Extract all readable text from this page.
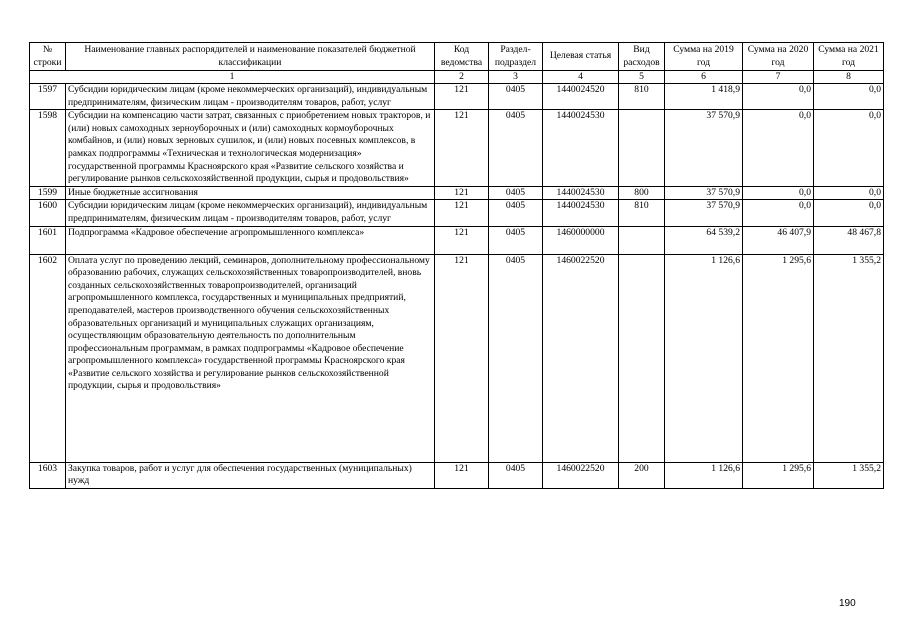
№ строки	Наименование главных распорядителей и наименование показателей бюджетной классификации	Код ведомства	Раздел-подраздел	Целевая статья	Вид расходов	Сумма на 2019 год	Сумма на 2020 год	Сумма на 2021 год
1		2	3	4	5	6	7	8
1597	Субсидии юридическим лицам (кроме некоммерческих организаций), индивидуальным предпринимателям, физическим лицам - производителям товаров, работ, услуг	121	0405	1440024520	810	1 418,9	0,0	0,0
1598	Субсидии на компенсацию части затрат, связанных с приобретением новых тракторов, и (или) новых самоходных зерноуборочных и (или) самоходных кормоуборочных комбайнов, и (или) новых зерновых сушилок, и (или) новых посевных комплексов, в рамках подпрограммы «Техническая и технологическая модернизация» государственной программы Красноярского края «Развитие сельского хозяйства и регулирование рынков сельскохозяйственной продукции, сырья и продовольствия»	121	0405	1440024530		37 570,9	0,0	0,0
1599	Иные бюджетные ассигнования	121	0405	1440024530	800	37 570,9	0,0	0,0
1600	Субсидии юридическим лицам (кроме некоммерческих организаций), индивидуальным предпринимателям, физическим лицам - производителям товаров, работ, услуг	121	0405	1440024530	810	37 570,9	0,0	0,0
1601	Подпрограмма «Кадровое обеспечение агропромышленного комплекса»	121	0405	1460000000		64 539,2	46 407,9	48 467,8
1602	Оплата услуг по проведению лекций, семинаров, дополнительному профессиональному образованию рабочих, служащих сельскохозяйственных товаропроизводителей, вновь созданных сельскохозяйственных товаропроизводителей, организаций агропромышленного комплекса, государственных и муниципальных предприятий, преподавателей, мастеров производственного обучения сельскохозяйственных образовательных организаций и муниципальных служащих организациям, осуществляющим образовательную деятельность по дополнительным профессиональным программам, в рамках подпрограммы «Кадровое обеспечение агропромышленного комплекса» государственной программы Красноярского края «Развитие сельского хозяйства и регулирование рынков сельскохозяйственной продукции, сырья и продовольствия»	121	0405	1460022520		1 126,6	1 295,6	1 355,2
1603	Закупка товаров, работ и услуг для обеспечения государственных (муниципальных) нужд	121	0405	1460022520	200	1 126,6	1 295,6	1 355,2
190
